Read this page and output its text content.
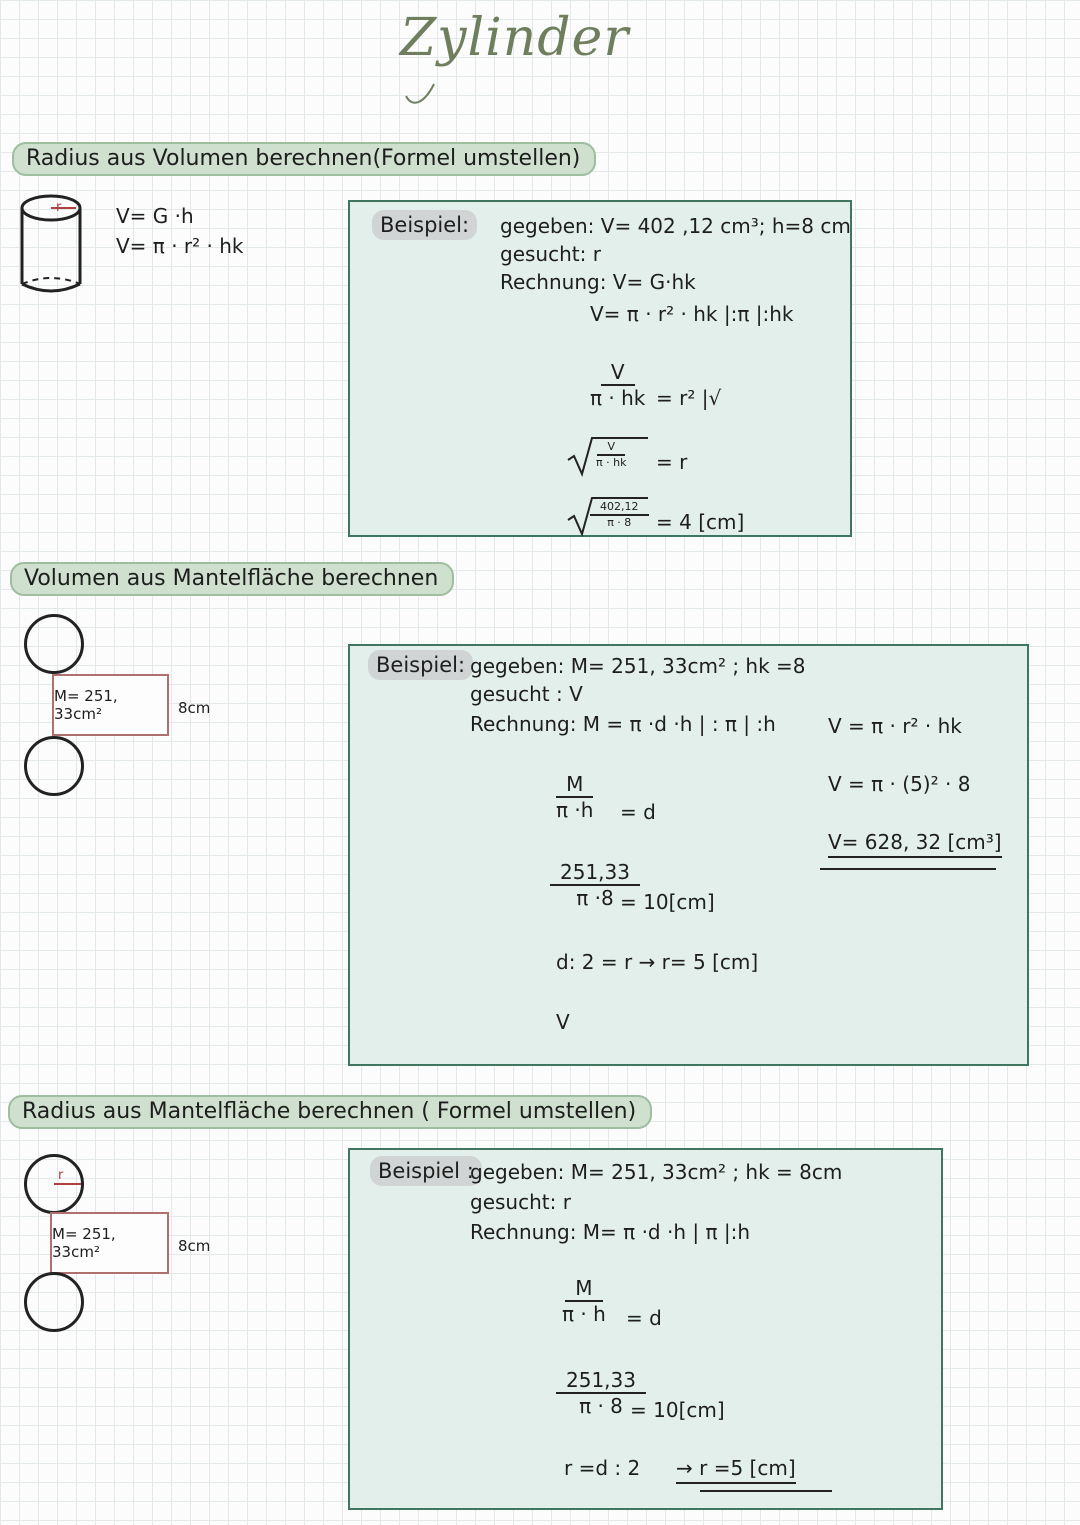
Zylinder
Radius aus Volumen berechnen(Formel umstellen)
r	V= G ·h
V= π · r² · hk
Beispiel:	gegeben: V= 402 ,12 cm³; h=8 cm
gesucht: r
Rechnung: V= G·hk
V= π · r² · hk |:π |:hk
$\frac{V}{\pi \cdot hk} = r^2$ |√
$\frac{V}{\pi \cdot hk} = r$
$\frac{402,12}{\pi \cdot 8} = 4$ [cm]
Volumen aus Mantelfläche berechnen
M= 251, 33cm²	8cm
Beispiel: gegeben: M= 251, 33cm² ; hk =8
gesucht : V
Rechnung: M = π ·d ·h | : π | :h
$\frac{M}{\pi \cdot h} = d$
$\frac{251,33}{\pi \cdot 8}$
= 10[cm]
d: 2 = r → r= 5 [cm]
V
V = π · r² · hk
V = π · (5)² · 8
V= 628, 32 [cm³]
Radius aus Mantelfläche berechnen ( Formel umstellen)
r
M= 251, 33cm²	8cm
Beispiel :
gegeben: M= 251, 33cm² ; hk = 8cm
gesucht: r
Rechnung: M= π ·d ·h | π |:h
$\frac{M}{\pi \cdot h} = d$
$\frac{251,33}{\pi \cdot 8}$
= 10[cm]
r =d : 2 → r =5 [cm]
